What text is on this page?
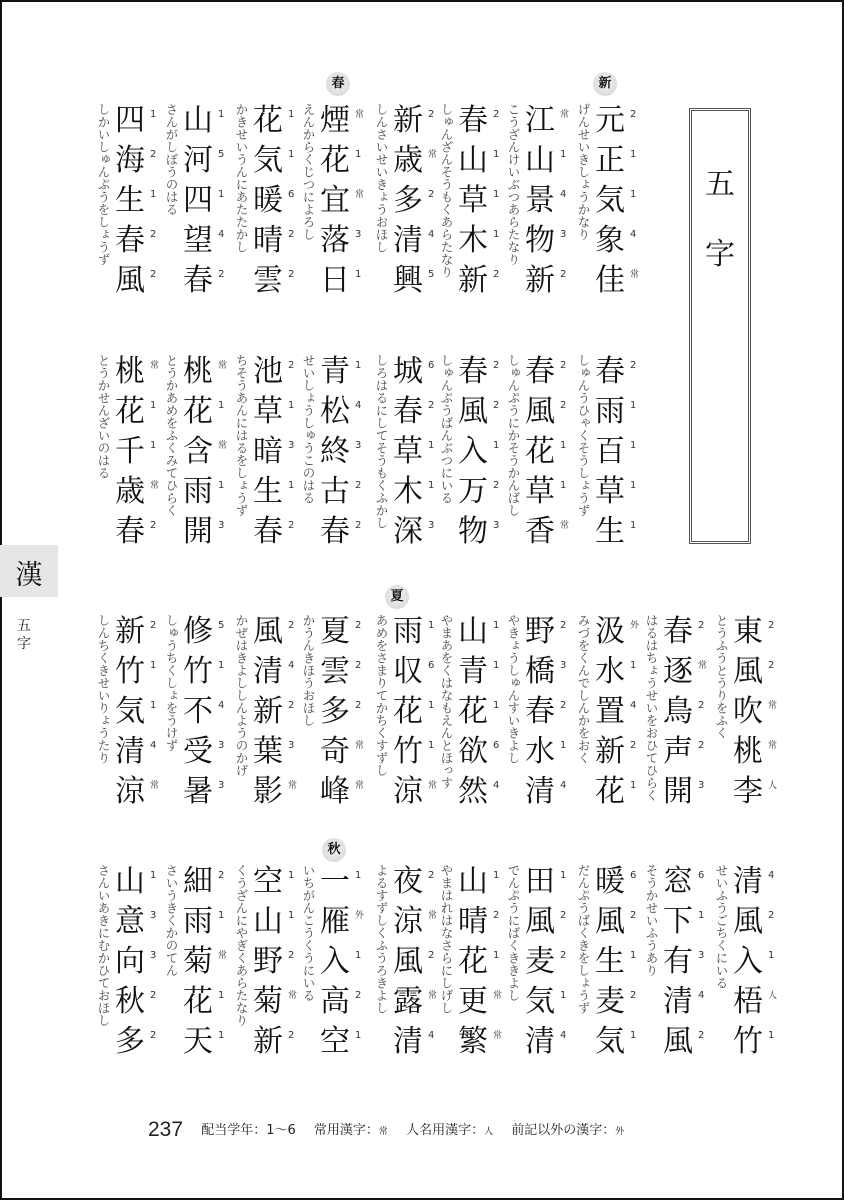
五
字
漢
五
字
新
春
夏
秋
げんせいきしょうかなり 元 2
正 1
気 1
象 4
佳 常
こうざんけいぶつあらたなり 江 常
山 1
景 4
物 3
新 2
しゅんざんそうもくあらたなり 春 2
山 1
草 1
木 1
新 2
しんさいせいきょうおほし 新 2
歳 常
多 2
清 4
興 5
えんからくじつによろし 煙 常
花 1
宜 常
落 3
日 1
かきせいうんにあたたかし 花 1
気 1
暖 6
晴 2
雲 2
さんがしぼうのはる 山 1
河 5
四 1
望 4
春 2
しかいしゅんぷうをしょうず 四 1
海 2
生 1
春 2
風 2
しゅんうひゃくそうしょうず 春 2
雨 1
百 1
草 1
生 1
しゅんぷうにかそうかんばし 春 2
風 2
花 1
草 1
香 常
しゅんぷうばんぶつにいる 春 2
風 2
入 1
万 2
物 3
しろはるにしてそうもくふかし 城 6
春 2
草 1
木 1
深 3
せいしょうしゅうこのはる 青 1
松 4
終 3
古 2
春 2
ちそうあんにはるをしょうず 池 2
草 1
暗 3
生 1
春 2
とうかあめをふくみてひらく 桃 常
花 1
含 常
雨 1
開 3
とうかせんざいのはる 桃 常
花 1
千 1
歳 常
春 2
とうふうとうりをふく 東 2
風 2
吹 常
桃 常
李 人
はるはちょうせいをおひてひらく 春 2
逐 常
鳥 2
声 2
開 3
みづをくんでしんかをおく 汲 外
水 1
置 4
新 2
花 1
やきょうしゅんすいきよし 野 2
橋 3
春 2
水 1
清 4
やまあをくはなもえんとほっす 山 1
青 1
花 1
欲 6
然 4
あめをさまりてかちくすずし 雨 1
収 6
花 1
竹 1
涼 常
かうんきほうおほし 夏 2
雲 2
多 2
奇 常
峰 常
かぜはきよししんようのかげ 風 2
清 4
新 2
葉 3
影 常
しゅうちくしょをうけず 修 5
竹 1
不 4
受 3
暑 3
しんちくきせいりょうたり 新 2
竹 1
気 1
清 4
涼 常
せいふうごちくにいる 清 4
風 2
入 1
梧 人
竹 1
そうかせいふうあり 窓 6
下 1
有 3
清 4
風 2
だんぷうばくきをしょうず 暖 6
風 2
生 1
麦 2
気 1
でんぷうにばくききよし 田 1
風 2
麦 2
気 1
清 4
やまはれはなさらにしげし 山 1
晴 2
花 1
更 常
繁 常
よるすずしくふうろきよし 夜 2
涼 常
風 2
露 常
清 4
いちがんこうくうにいる 一 1
雁 外
入 1
高 2
空 1
くうざんにやぎくあらたなり 空 1
山 1
野 2
菊 常
新 2
さいうきくかのてん 細 2
雨 1
菊 常
花 1
天 1
さんいあきにむかひておほし 山 1
意 3
向 3
秋 2
多 2
237 配当学年：1～6 常用漢字：常 人名用漢字：人 前記以外の漢字：外
